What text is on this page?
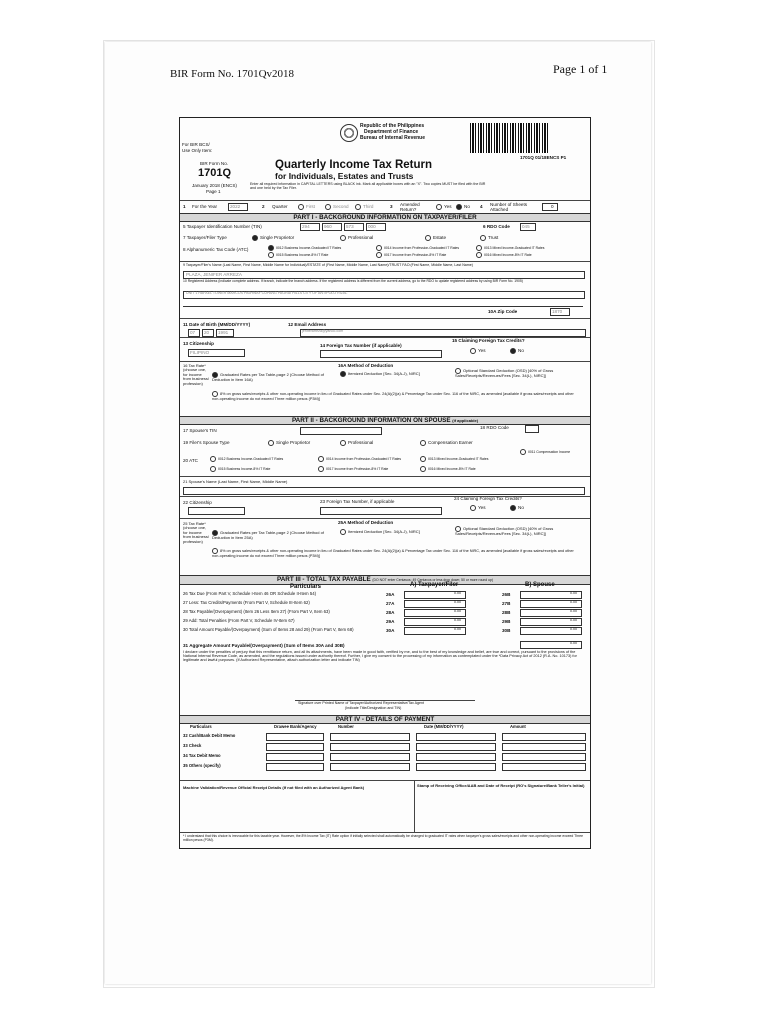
BIR Form No. 1701Qv2018	Page 1 of 1
For BIR BCS/
Use Only Item:
Republic of the Philippines
Department of Finance
Bureau of Internal Revenue
1701Q 01/18ENCS P1
BIR Form No.
1701Q
January 2018 (ENCS)
Page 1
Quarterly Income Tax Return
for Individuals, Estates and Trusts
Enter all required information in CAPITAL LETTERS using BLACK ink. Mark all applicable boxes with an "X". Two copies MUST be filed with the BIR and one held by the Tax Filer.
1 For the Year	2022	2 Quarter	First	Second	Third	3 Amended Return?
Yes	No 4 Number of Sheets Attached
0
PART I - BACKGROUND INFORMATION ON TAXPAYER/FILER
5 Taxpayer Identification Number (TIN)	294	960	573	000	6 RDO Code	045
7 Taxpayer/Filer Type	Single Proprietor	Professional	Estate	Trust
8 Alphanumeric Tax Code (ATC)	II012 Business Income-Graduated IT Rates	II014 Income from Profession-Graduated IT Rates	II013 Mixed Income-Graduated IT Rates
II015 Business Income-8% IT Rate	II017 Income from Profession-8% IT Rate	II016 Mixed Income-8% IT Rate
9 Taxpayer/Filer's Name (Last Name, First Name, Middle Name for Individual)/ESTATE of (First Name, Middle Name, Last Name)/TRUST FAO:(First Name, Middle Name, Last Name)
PLAZA, JENIFER ARREZA
10 Registered Address (Indicate complete address. If branch, indicate the branch address. If the registered address is different from the current address, go to the RDO to update registered address by using BIR Form No. 1905)
UNIT 1 RAFAEL TOWER MARCOS HIGHWAY CUPANG PAGRAI HILLS CITY OF ANTIPOLO RIZAL
10A Zip Code	1870
11 Date of Birth (MM/DD/YYYY)
07 20 1991
12 Email Address
jeniferarreza@yahoo.com
13 Citizenship
FILIPINO
14 Foreign Tax Number (if applicable)
15 Claiming Foreign Tax Credits?
Yes	No
16 Tax Rate* (choose one, for income from business/ profession)
16A Method of Deduction
Graduated Rates per Tax Table-page 2 (Choose Method of Deduction in Item 16A)
Itemized Deduction [Sec. 34(A-J), NIRC]
Optional Standard Deduction (OSD) [40% of Gross Sales/Receipts/Revenues/Fees [Sec. 34(L), NIRC]]
8% on gross sales/receipts & other non-operating income in lieu of Graduated Rates under Sec. 24(A)(2)(a) & Percentage Tax under Sec. 116 of the NIRC, as amended [available if gross sales/receipts and other non-operating income do not exceed Three million pesos (P3M)]
PART II - BACKGROUND INFORMATION ON SPOUSE (if applicable)
17 Spouse's TIN
18 RDO Code
19 Filer's Spouse Type	Single Proprietor	Professional	Compensation Earner
20 ATC	II012 Business Income-Graduated IT Rates	II014 Income from Profession-Graduated IT Rates	II013 Mixed Income-Graduated IT Rates
II011 Compensation Income
II015 Business Income-8% IT Rate	II017 Income from Profession-8% IT Rate	II016 Mixed Income-8% IT Rate
21 Spouse's Name (Last Name, First Name, Middle Name)
22 Citizenship	23 Foreign Tax Number, if applicable
24 Claiming Foreign Tax Credits?
Yes	No
25 Tax Rate* (choose one, for income from business/ profession)
25A Method of Deduction
Graduated Rates per Tax Table-page 2 (Choose Method of Deduction in Item 25A)
Itemized Deduction [Sec. 34(A-J), NIRC]
Optional Standard Deduction (OSD) [40% of Gross Sales/Receipts/Revenues/Fees [Sec. 34(L), NIRC]]
8% on gross sales/receipts & other non-operating income in lieu of Graduated Rates under Sec. 24(A)(2)(a) & Percentage Tax under Sec. 116 of the NIRC, as amended [available if gross sales/receipts and other non-operating income do not exceed Three million pesos (P3M)]
PART III - TOTAL TAX PAYABLE (DO NOT enter Centavos; 49 Centavos or less drop down; 50 or more round up)
Particulars	A) Taxpayer/Filer	B) Spouse
26 Tax Due (From Part V, Schedule I-Item 46 OR Schedule II-Item 54)	26A	0.00	26B	0.00
27 Less: Tax Credits/Payments (From Part V, Schedule III-Item 62)	27A	0.00	27B	0.00
28 Tax Payable/(Overpayment) (Item 26 Less Item 27) (From Part V, Item 63)	28A	0.00	28B	0.00
29 Add: Total Penalties (From Part V, Schedule IV-Item 67)	29A	0.00	29B	0.00
30 Total Amount Payable/(Overpayment) (Sum of Items 28 and 29) (From Part V, Item 68)	30A	0.00	30B	0.00
31 Aggregate Amount Payable/(Overpayment) (Sum of Items 30A and 30B)	0.00
I declare under the penalties of perjury that this remittance return, and all its attachments, have been made in good faith, verified by me, and to the best of my knowledge and belief, are true and correct, pursuant to the provisions of the National Internal Revenue Code, as amended, and the regulations issued under authority thereof. Further, I give my consent to the processing of my information as contemplated under the *Data Privacy Act of 2012 (R.A. No. 10173) for legitimate and lawful purposes. (If Authorized Representative, attach authorization letter and indicate TIN)
Signature over Printed Name of Taxpayer/Authorized Representative/Tax Agent
(Indicate Title/Designation and TIN)
PART IV - DETAILS OF PAYMENT
Particulars	Drawee Bank/Agency	Number	Date (MM/DD/YYYY)	Amount
32 Cash/Bank Debit Memo
33 Check
34 Tax Debit Memo
35 Others (specify)
Machine Validation/Revenue Official Receipt Details (If not filed with an Authorized Agent Bank)	Stamp of Receiving Office/AAB and Date of Receipt (RO's Signature/Bank Teller's Initial)
* I understand that this choice is irrevocable for this taxable year. However, the 8% Income Tax (IT) Rate option if initially selected shall automatically be changed to graduated IT rates when taxpayer's gross sales/receipts and other non-operating income exceed Three million pesos (P3M).
